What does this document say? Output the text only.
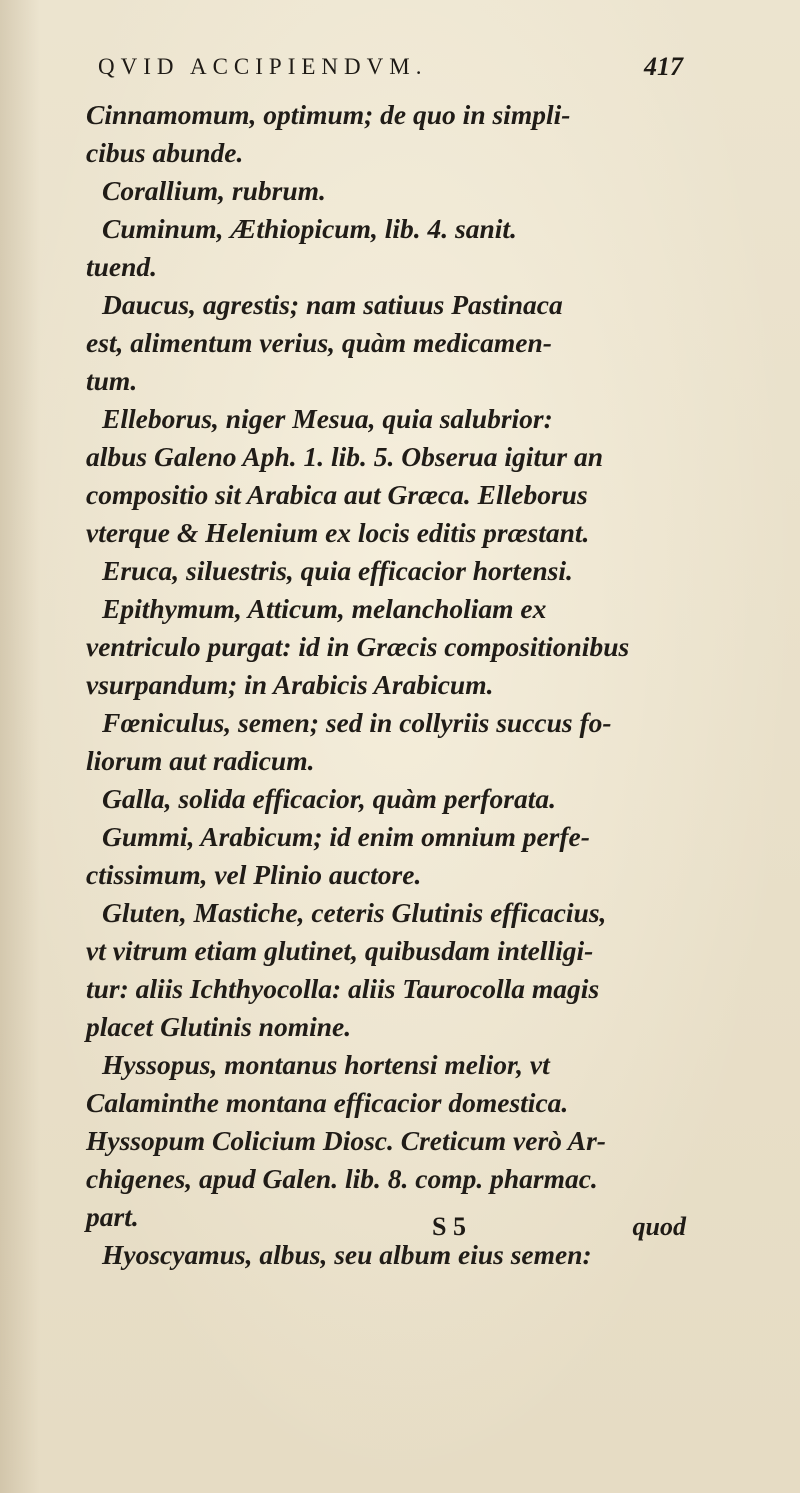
QVID ACCIPIENDVM.	417
Cinnamomum, optimum; de quo in simpli-
cibus abunde.
Corallium, rubrum.
Cuminum, Æthiopicum, lib. 4. sanit.
tuend.
Daucus, agrestis; nam satiuus Pastinaca
est, alimentum verius, quàm medicamen-
tum.
Elleborus, niger Mesua, quia salubrior:
albus Galeno Aph. 1. lib. 5. Obserua igitur an
compositio sit Arabica aut Græca. Elleborus
vterque & Helenium ex locis editis præstant.
Eruca, siluestris, quia efficacior hortensi.
Epithymum, Atticum, melancholiam ex
ventriculo purgat: id in Græcis compositionibus
vsurpandum; in Arabicis Arabicum.
Fœniculus, semen; sed in collyriis succus fo-
liorum aut radicum.
Galla, solida efficacior, quàm perforata.
Gummi, Arabicum; id enim omnium perfe-
ctissimum, vel Plinio auctore.
Gluten, Mastiche, ceteris Glutinis efficacius,
vt vitrum etiam glutinet, quibusdam intelligi-
tur: aliis Ichthyocolla: aliis Taurocolla magis
placet Glutinis nomine.
Hyssopus, montanus hortensi melior, vt
Calaminthe montana efficacior domestica.
Hyssopum Colicium Diosc. Creticum verò Ar-
chigenes, apud Galen. lib. 8. comp. pharmac.
part.
Hyoscyamus, albus, seu album eius semen:
S 5	quod
